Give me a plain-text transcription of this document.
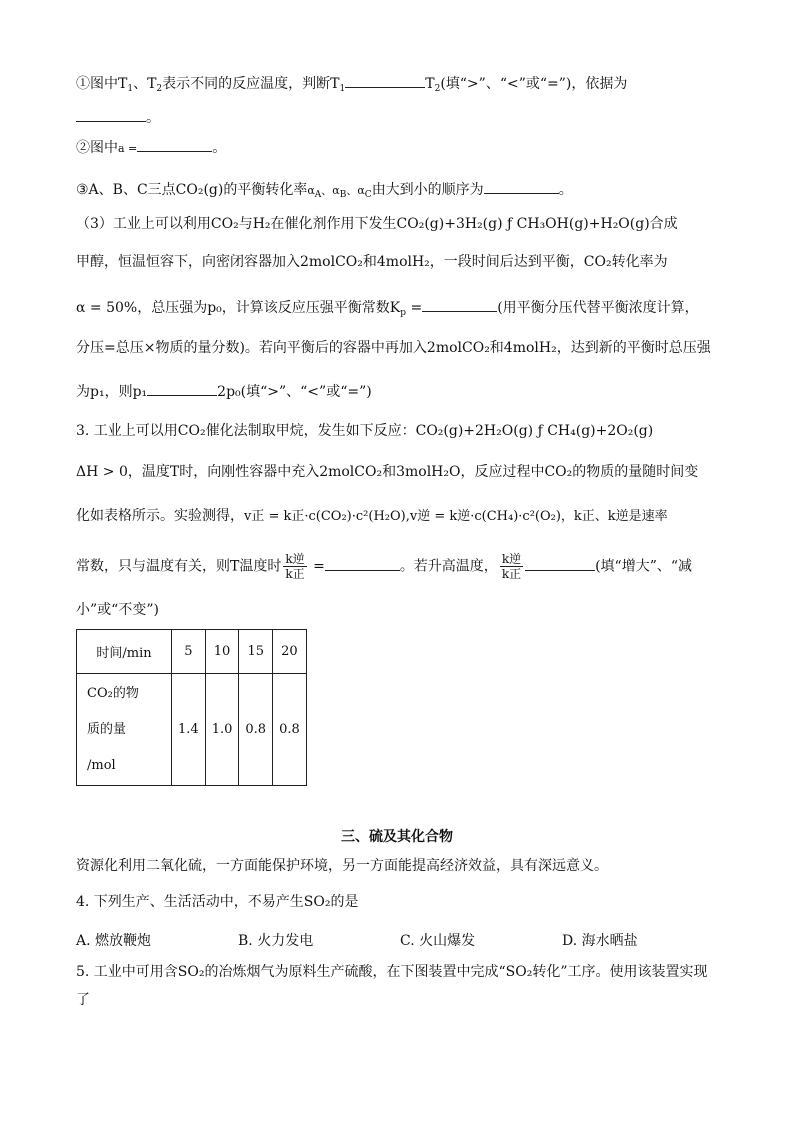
①图中$T_1$、$T_2$表示不同的反应温度，判断$T_1$	$T_2$(填“>”、“<”或“=”)，依据为
。
②图中a =	。
③A、B、C三点CO₂(g)的平衡转化率$\alpha_A$、$\alpha_B$、$\alpha_C$由大到小的顺序为	。
（3）工业上可以利用CO₂与H₂在催化剂作用下发生CO₂(g)+3H₂(g) ƒ CH₃OH(g)+H₂O(g)合成
甲醇，恒温恒容下，向密闭容器加入2molCO₂和4molH₂，一段时间后达到平衡，CO₂转化率为
α = 50%，总压强为p₀，计算该反应压强平衡常数$K_p$ =	(用平衡分压代替平衡浓度计算，
分压=总压×物质的量分数)。若向平衡后的容器中再加入2molCO₂和4molH₂，达到新的平衡时总压强
为p₁，则p₁	2p₀(填“>”、“<”或“=”)
3. 工业上可以用CO₂催化法制取甲烷，发生如下反应：CO₂(g)+2H₂O(g) ƒ CH₄(g)+2O₂(g)
ΔH > 0，温度T时，向刚性容器中充入2molCO₂和3molH₂O，反应过程中CO₂的物质的量随时间变
化如表格所示。实验测得，v正 = k正·c(CO₂)·c²(H₂O),v逆 = k逆·c(CH₄)·c²(O₂)，k正、k逆是速率
常数，只与温度有关，则T温度时 $\frac{\text{k逆}}{\text{k正}}$ =	。若升高温度， $\frac{\text{k逆}}{\text{k正}}$	(填“增大”、“减
小”或“不变”)
时间/min	5	10	15	20

CO₂的物
质的量
/mol	1.4	1.0	0.8	0.8
三、硫及其化合物
资源化利用二氧化硫，一方面能保护环境，另一方面能提高经济效益，具有深远意义。
4. 下列生产、生活活动中，不易产生SO₂的是
A. 燃放鞭炮	B. 火力发电	C. 火山爆发	D. 海水晒盐
5. 工业中可用含SO₂的冶炼烟气为原料生产硫酸，在下图装置中完成“SO₂转化”工序。使用该装置实现
了
